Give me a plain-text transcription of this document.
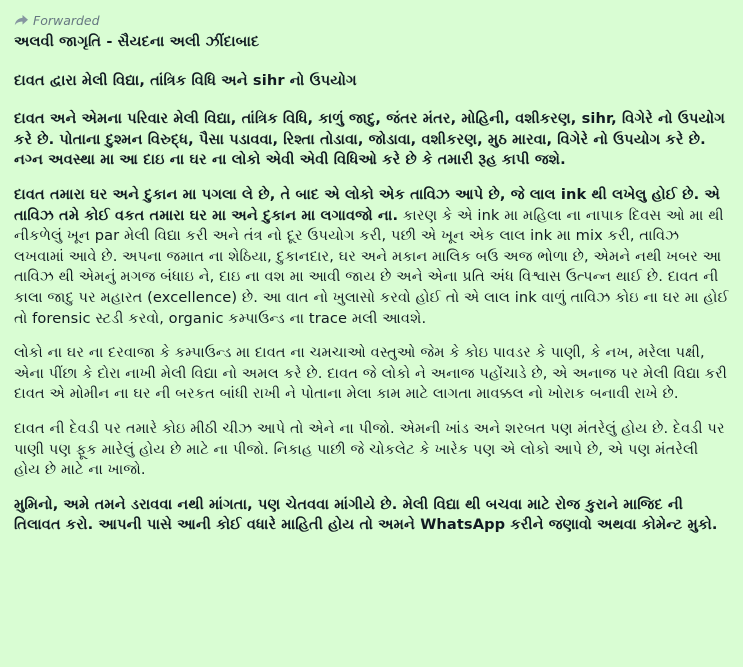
Forwarded

અલવી જાગૃતિ - સૈયદના અલી ઝીંદાબાદ

દાવત દ્વારા મેલી વિદ્યા, તાંત્રિક વિધિ અને sihr નો ઉપયોગ

દાવત અને એમના પરિવાર મેલી વિદ્યા, તાંત્રિક વિધિ, કાળું જાદુ, જંતર મંતર, મોહિની, વશીકરણ, sihr, વિગેરે નો ઉપયોગ કરે છે. પોતાના દુશ્મન વિરુદ્ધ, પૈસા પડાવવા, રિશ્તા તોડાવા, જોડાવા, વશીકરણ, મુઠ મારવા, વિગેરે નો ઉપયોગ કરે છે. નગ્ન અવસ્થા મા આ દાઇ ના ઘર ના લોકો એવી એવી વિધિઓ કરે છે કે તમારી રૂહ કાપી જશે.

દાવત તમારા ઘર અને દુકાન મા પગલા લે છે, તે બાદ એ લોકો એક તાવિઝ આપે છે, જે લાલ ink થી લખેલુ હોઈ છે. એ તાવિઝ તમે કોઈ વકત તમારા ઘર મા અને દુકાન મા લગાવજો ના. કારણ કે એ ink મા મહિલા ના નાપાક દિવસ ઓ મા થી નીકળેલું ખૂન par મેલી વિદ્યા કરી અને તંત્ર નો દૂર ઉપયોગ કરી, પછી એ ખૂન એક લાલ ink મા mix કરી, તાવિઝ લખવામાં આવે છે. અપના જમાત ના શેઠિયા, દુકાનદાર, ઘર અને મકાન માલિક બઉ અજ ભોળા છે, એમને નથી ખબર આ તાવિઝ થી એમનું મગજ બંધાઇ ને, દાઇ ના વશ મા આવી જાય છે અને એના પ્રતિ અંધ વિશ્વાસ ઉત્પન્ન થાઈ છે. દાવત ની કાલા જાદુ પર મહારત (excellence) છે. આ વાત નો ખુલાસો કરવો હોઈ તો એ લાલ ink વાળું તાવિઝ કોઇ ના ઘર મા હોઈ તો forensic સ્ટડી કરવો, organic કમ્પાઉન્ડ ના trace મલી આવશે.

લોકો ના ઘર ના દરવાજા કે કમ્પાઉન્ડ મા દાવત ના ચમચાઓ વસ્તુઓ જેમ કે કોઇ પાવડર કે પાણી, કે નખ, મરેલા પક્ષી, એના પીંછા કે દોરા નાખી મેલી વિદ્યા નો અમલ કરે છે. દાવત જે લોકો ને અનાજ પહોંચાડે છે, એ અનાજ પર મેલી વિદ્યા કરી દાવત એ મોમીન ના ઘર ની બરકત બાંધી રાખી ને પોતાના મેલા કામ માટે લાગતા માવક્કલ નો ખોરાક બનાવી રાખે છે.

દાવત ની દેવડી પર તમારે કોઇ મીઠી ચીઝ આપે તો એને ના પીજો. એમની ખાંડ અને શરબત પણ મંતરેલું હોય છે. દેવડી પર પાણી પણ ફૂક મારેલું હોય છે માટે ના પીજો. નિકાહ પાછી જે ચોકલેટ કે ખારેક પણ એ લોકો આપે છે, એ પણ મંતરેલી હોય છે માટે ના ખાજો.

મુમિનો, અમે તમને ડરાવવા નથી માંગતા, પણ ચેતવવા માંગીયે છે. મેલી વિદ્યા થી બચવા માટે રોજ કુરાને માજિદ ની તિલાવત કરો. આપની પાસે આની કોઈ વધારે માહિતી હોય તો અમને WhatsApp કરીને જણાવો અથવા કોમેન્ટ મુકો.
